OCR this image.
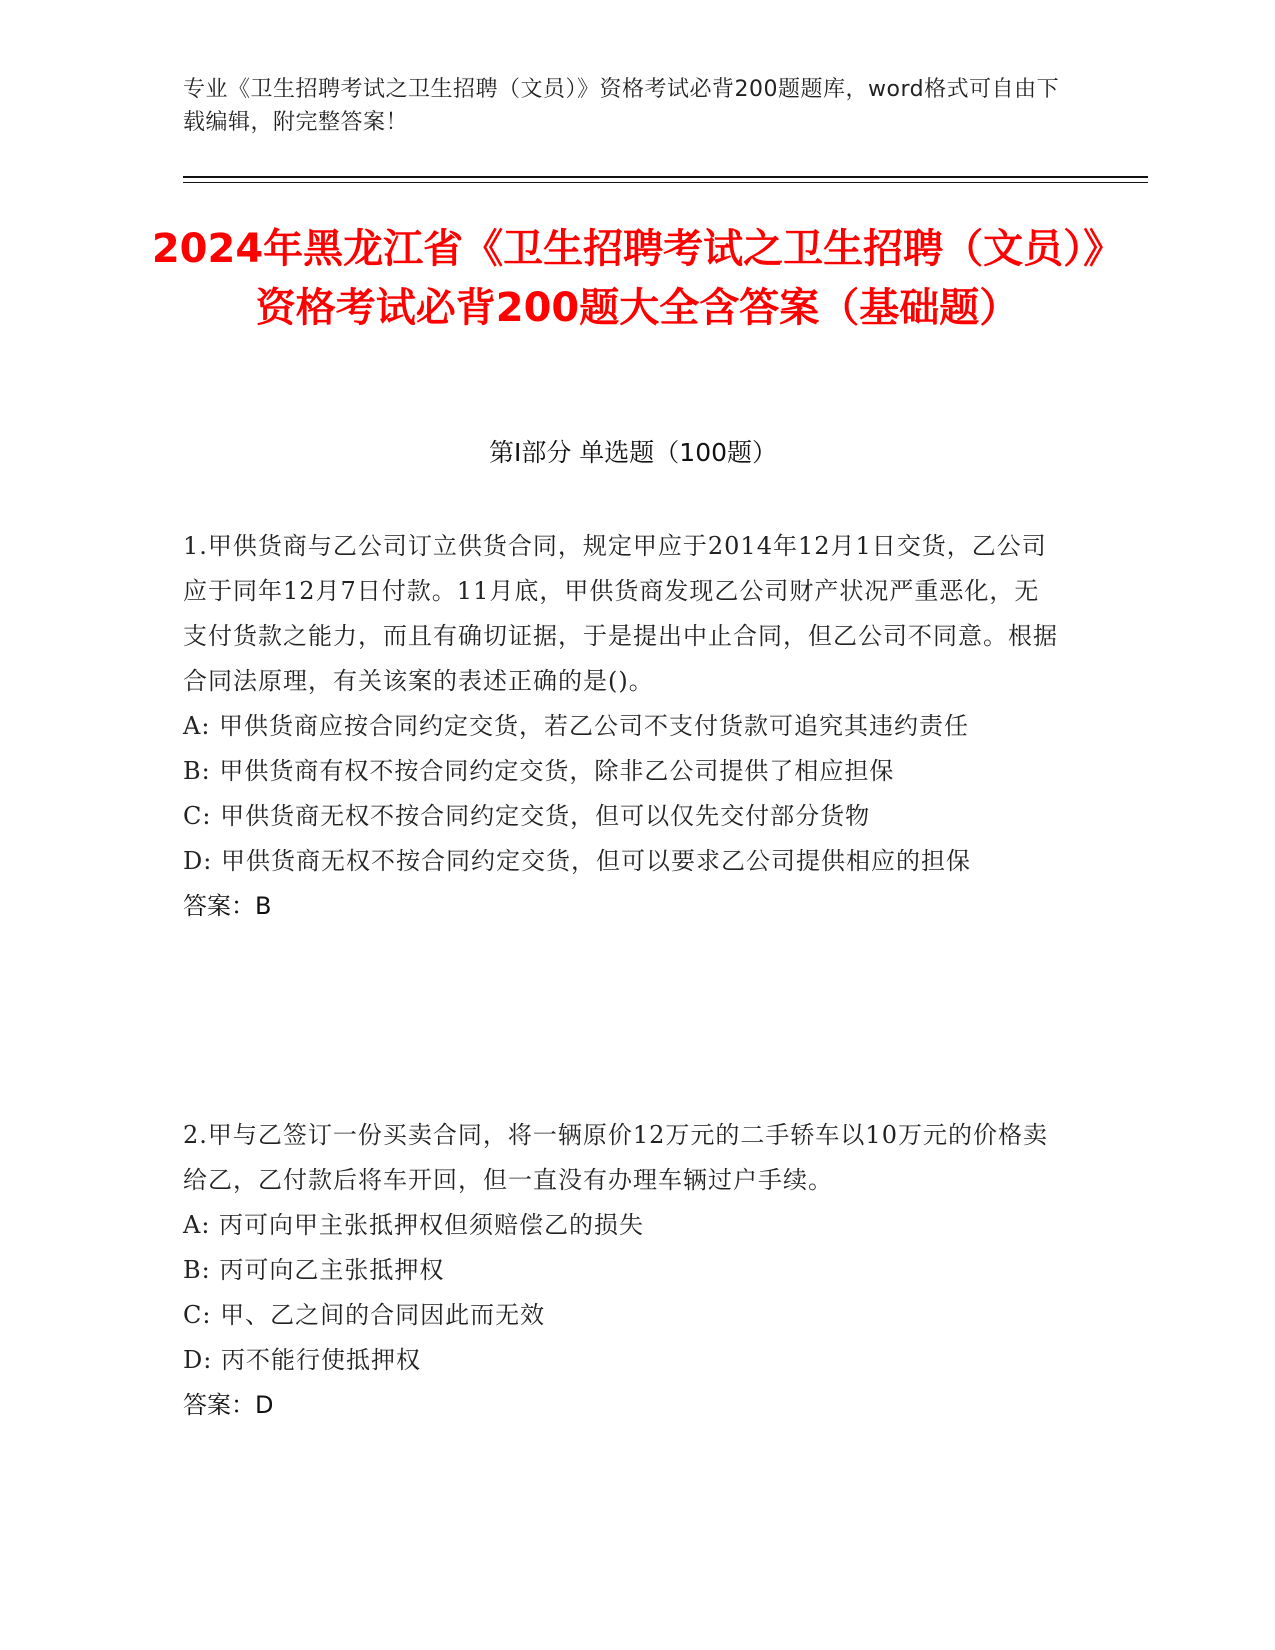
专业《卫生招聘考试之卫生招聘（文员）》资格考试必背200题题库，word格式可自由下载编辑，附完整答案！
2024年黑龙江省《卫生招聘考试之卫生招聘（文员）》资格考试必背200题大全含答案（基础题）
第Ⅰ部分 单选题（100题）

1.甲供货商与乙公司订立供货合同，规定甲应于2014年12月1日交货，乙公司应于同年12月7日付款。11月底，甲供货商发现乙公司财产状况严重恶化，无支付货款之能力，而且有确切证据，于是提出中止合同，但乙公司不同意。根据合同法原理，有关该案的表述正确的是()。

A: 甲供货商应按合同约定交货，若乙公司不支付货款可追究其违约责任

B: 甲供货商有权不按合同约定交货，除非乙公司提供了相应担保

C: 甲供货商无权不按合同约定交货，但可以仅先交付部分货物

D: 甲供货商无权不按合同约定交货，但可以要求乙公司提供相应的担保

答案：B

2.甲与乙签订一份买卖合同，将一辆原价12万元的二手轿车以10万元的价格卖给乙，乙付款后将车开回，但一直没有办理车辆过户手续。

A: 丙可向甲主张抵押权但须赔偿乙的损失

B: 丙可向乙主张抵押权

C: 甲、乙之间的合同因此而无效

D: 丙不能行使抵押权

答案：D
